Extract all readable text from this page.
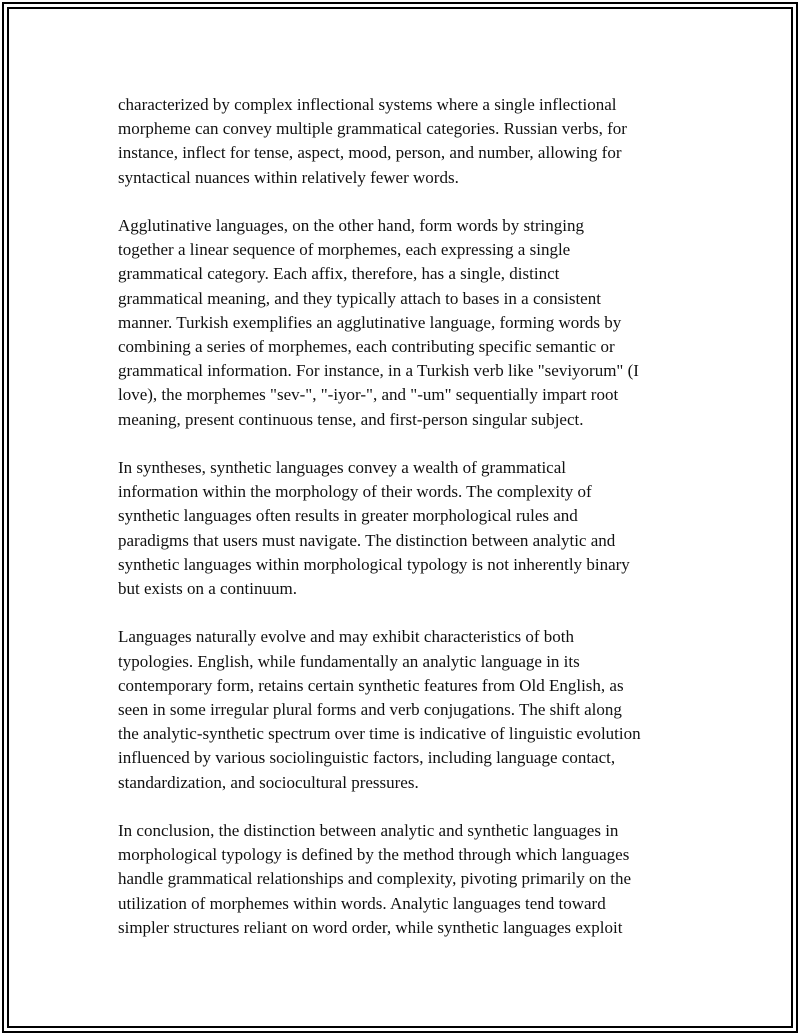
characterized by complex inflectional systems where a single inflectional
morpheme can convey multiple grammatical categories. Russian verbs, for
instance, inflect for tense, aspect, mood, person, and number, allowing for
syntactical nuances within relatively fewer words.

Agglutinative languages, on the other hand, form words by stringing
together a linear sequence of morphemes, each expressing a single
grammatical category. Each affix, therefore, has a single, distinct
grammatical meaning, and they typically attach to bases in a consistent
manner. Turkish exemplifies an agglutinative language, forming words by
combining a series of morphemes, each contributing specific semantic or
grammatical information. For instance, in a Turkish verb like "seviyorum" (I
love), the morphemes "sev-", "-iyor-", and "-um" sequentially impart root
meaning, present continuous tense, and first-person singular subject.

In syntheses, synthetic languages convey a wealth of grammatical
information within the morphology of their words. The complexity of
synthetic languages often results in greater morphological rules and
paradigms that users must navigate. The distinction between analytic and
synthetic languages within morphological typology is not inherently binary
but exists on a continuum.

Languages naturally evolve and may exhibit characteristics of both
typologies. English, while fundamentally an analytic language in its
contemporary form, retains certain synthetic features from Old English, as
seen in some irregular plural forms and verb conjugations. The shift along
the analytic-synthetic spectrum over time is indicative of linguistic evolution
influenced by various sociolinguistic factors, including language contact,
standardization, and sociocultural pressures.

In conclusion, the distinction between analytic and synthetic languages in
morphological typology is defined by the method through which languages
handle grammatical relationships and complexity, pivoting primarily on the
utilization of morphemes within words. Analytic languages tend toward
simpler structures reliant on word order, while synthetic languages exploit
